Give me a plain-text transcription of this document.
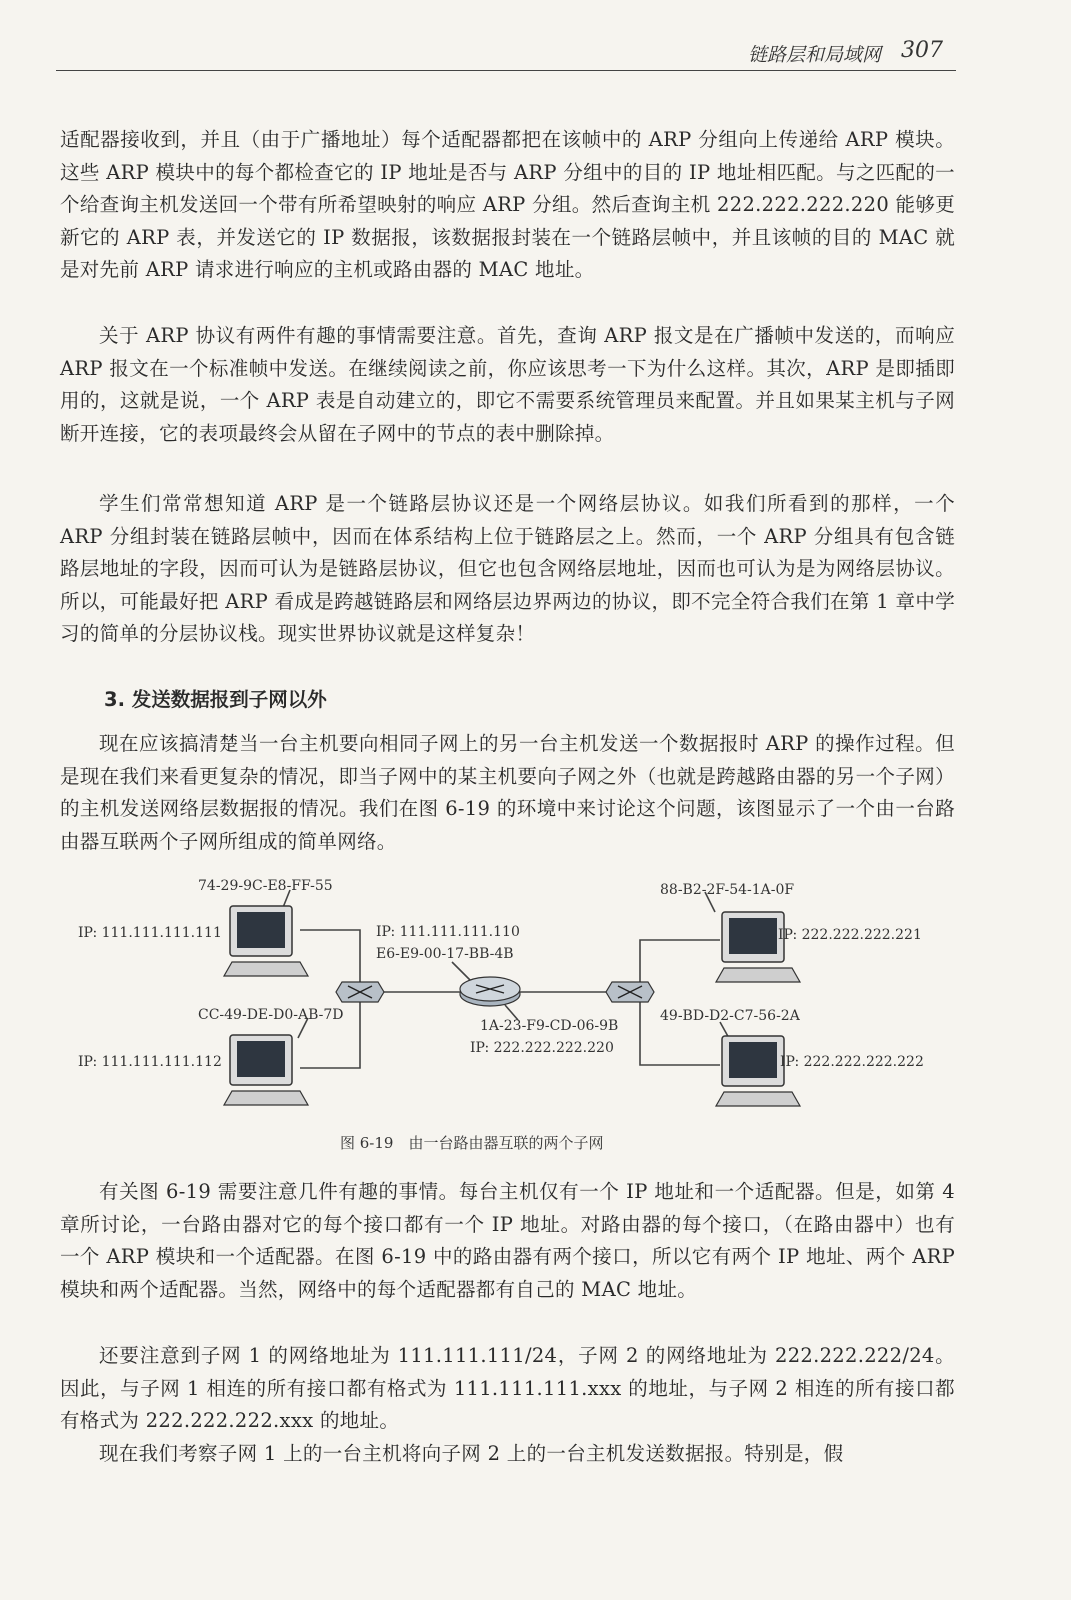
链路层和局域网 307

适配器接收到，并且（由于广播地址）每个适配器都把在该帧中的 ARP 分组向上传递给 ARP 模块。这些 ARP 模块中的每个都检查它的 IP 地址是否与 ARP 分组中的目的 IP 地址相匹配。与之匹配的一个给查询主机发送回一个带有所希望映射的响应 ARP 分组。然后查询主机 222.222.222.220 能够更新它的 ARP 表，并发送它的 IP 数据报，该数据报封装在一个链路层帧中，并且该帧的目的 MAC 就是对先前 ARP 请求进行响应的主机或路由器的 MAC 地址。

关于 ARP 协议有两件有趣的事情需要注意。首先，查询 ARP 报文是在广播帧中发送的，而响应 ARP 报文在一个标准帧中发送。在继续阅读之前，你应该思考一下为什么这样。其次，ARP 是即插即用的，这就是说，一个 ARP 表是自动建立的，即它不需要系统管理员来配置。并且如果某主机与子网断开连接，它的表项最终会从留在子网中的节点的表中删除掉。

学生们常常想知道 ARP 是一个链路层协议还是一个网络层协议。如我们所看到的那样，一个 ARP 分组封装在链路层帧中，因而在体系结构上位于链路层之上。然而，一个 ARP 分组具有包含链路层地址的字段，因而可认为是链路层协议，但它也包含网络层地址，因而也可认为是为网络层协议。所以，可能最好把 ARP 看成是跨越链路层和网络层边界两边的协议，即不完全符合我们在第 1 章中学习的简单的分层协议栈。现实世界协议就是这样复杂！

3. 发送数据报到子网以外

现在应该搞清楚当一台主机要向相同子网上的另一台主机发送一个数据报时 ARP 的操作过程。但是现在我们来看更复杂的情况，即当子网中的某主机要向子网之外（也就是跨越路由器的另一个子网）的主机发送网络层数据报的情况。我们在图 6-19 的环境中来讨论这个问题，该图显示了一个由一台路由器互联两个子网所组成的简单网络。

74-29-9C-E8-FF-55
IP: 111.111.111.111
CC-49-DE-D0-AB-7D
IP: 111.111.111.112
IP: 111.111.111.110
E6-E9-00-17-BB-4B
1A-23-F9-CD-06-9B
IP: 222.222.222.220
88-B2-2F-54-1A-0F
IP: 222.222.222.221
49-BD-D2-C7-56-2A
IP: 222.222.222.222

图 6-19　由一台路由器互联的两个子网

有关图 6-19 需要注意几件有趣的事情。每台主机仅有一个 IP 地址和一个适配器。但是，如第 4 章所讨论，一台路由器对它的每个接口都有一个 IP 地址。对路由器的每个接口，（在路由器中）也有一个 ARP 模块和一个适配器。在图 6-19 中的路由器有两个接口，所以它有两个 IP 地址、两个 ARP 模块和两个适配器。当然，网络中的每个适配器都有自己的 MAC 地址。

还要注意到子网 1 的网络地址为 111.111.111/24，子网 2 的网络地址为 222.222.222/24。因此，与子网 1 相连的所有接口都有格式为 111.111.111.xxx 的地址，与子网 2 相连的所有接口都有格式为 222.222.222.xxx 的地址。

现在我们考察子网 1 上的一台主机将向子网 2 上的一台主机发送数据报。特别是，假
